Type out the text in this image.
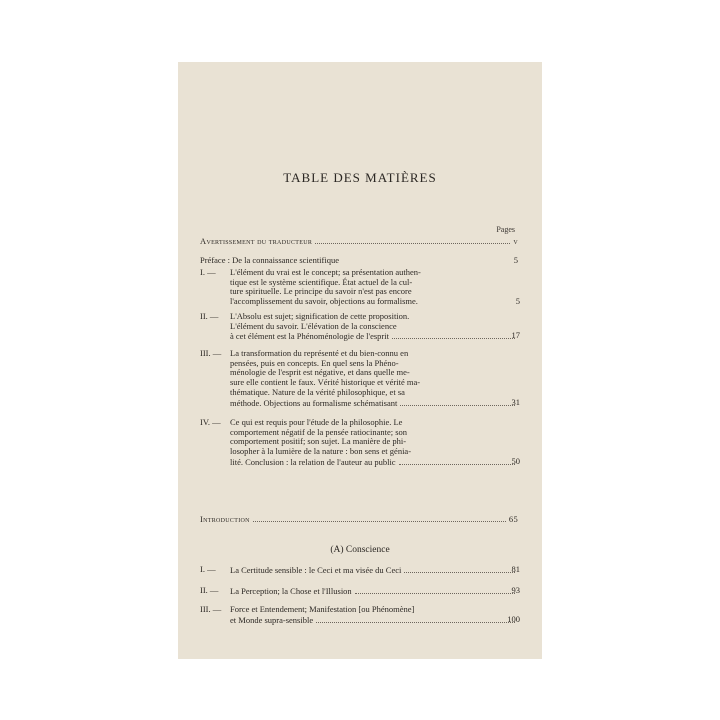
TABLE DES MATIÈRES
Pages
Avertissement du traducteur	v
Préface : De la connaissance scientifique	5
I. — L'élément du vrai est le concept; sa présentation authen-
tique est le système scientifique. État actuel de la cul-
ture spirituelle. Le principe du savoir n'est pas encore
l'accomplissement du savoir, objections au formalisme.	5
II. — L'Absolu est sujet; signification de cette proposition.
L'élément du savoir. L'élévation de la conscience
à cet élément est la Phénoménologie de l'esprit	17
III. — La transformation du représenté et du bien-connu en
pensées, puis en concepts. En quel sens la Phéno-
ménologie de l'esprit est négative, et dans quelle me-
sure elle contient le faux. Vérité historique et vérité ma-
thématique. Nature de la vérité philosophique, et sa
méthode. Objections au formalisme schématisant	31
IV. — Ce qui est requis pour l'étude de la philosophie. Le
comportement négatif de la pensée ratiocinante; son
comportement positif; son sujet. La manière de phi-
losopher à la lumière de la nature : bon sens et génia-
lité. Conclusion : la relation de l'auteur au public	50
Introduction	65
(A) Conscience
I. — La Certitude sensible : le Ceci et ma visée du Ceci	81
II. — La Perception; la Chose et l'Illusion	93
III. — Force et Entendement; Manifestation [ou Phénomène]
et Monde supra-sensible	100
